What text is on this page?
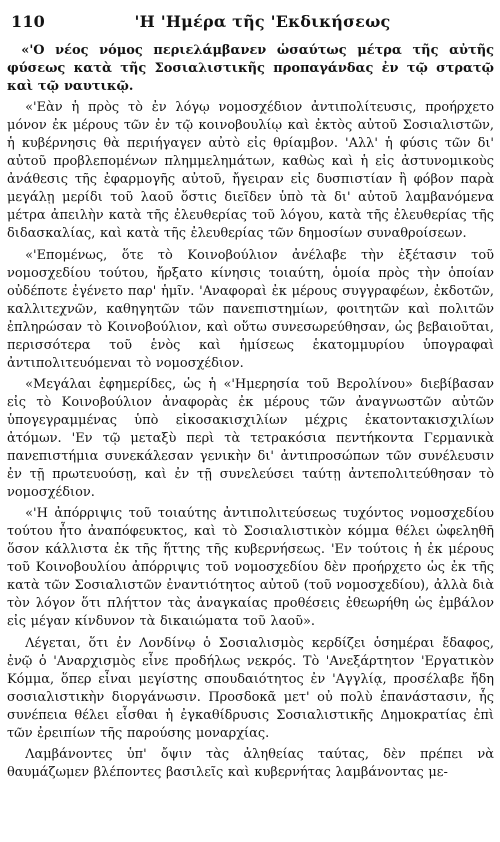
110	'Η 'Ημέρα τῆς 'Εκδικήσεως

«'Ο νέος νόμος περιελάμβανεν ὡσαύτως μέτρα τῆς αὐτῆς φύσεως κατὰ τῆς Σοσιαλιστικῆς προπαγάνδας ἐν τῷ στρατῷ καὶ τῷ ναυτικῷ.

«'Εὰν ἡ πρὸς τὸ ἐν λόγῳ νομοσχέδιον ἀντιπολίτευσις, προήρχετο μόνον ἐκ μέρους τῶν ἐν τῷ κοινοβουλίῳ καὶ ἐκτὸς αὐτοῦ Σοσιαλιστῶν, ἡ κυβέρνησις θὰ περιήγαγεν αὐτὸ εἰς θρίαμβον. 'Αλλ' ἡ φύσις τῶν δι' αὐτοῦ προβλεπομένων πλημμελημάτων, καθὼς καὶ ἡ εἰς ἀστυνομικοὺς ἀνάθεσις τῆς ἐφαρμογῆς αὐτοῦ, ἤγειραν εἰς δυσπιστίαν ἢ φόβον παρὰ μεγάλῃ μερίδι τοῦ λαοῦ ὅστις διεῖδεν ὑπὸ τὰ δι' αὐτοῦ λαμβανόμενα μέτρα ἀπειλὴν κατὰ τῆς ἐλευθερίας τοῦ λόγου, κατὰ τῆς ἐλευθερίας τῆς διδασκαλίας, καὶ κατὰ τῆς ἐλευθερίας τῶν δημοσίων συναθροίσεων.

«'Επομένως, ὅτε τὸ Κοινοβούλιον ἀνέλαβε τὴν ἐξέτασιν τοῦ νομοσχεδίου τούτου, ἤρξατο κίνησις τοιαύτη, ὁμοία πρὸς τὴν ὁποίαν οὐδέποτε ἐγένετο παρ' ἡμῖν. 'Αναφοραὶ ἐκ μέρους συγγραφέων, ἐκδοτῶν, καλλιτεχνῶν, καθηγητῶν τῶν πανεπιστημίων, φοιτητῶν καὶ πολιτῶν ἐπληρώσαν τὸ Κοινοβούλιον, καὶ οὕτω συνεσωρεύθησαν, ὡς βεβαιοῦται, περισσότερα τοῦ ἑνὸς καὶ ἡμίσεως ἑκατομμυρίου ὑπογραφαὶ ἀντιπολιτευόμεναι τὸ νομοσχέδιον.

«Μεγάλαι ἐφημερίδες, ὡς ἡ «'Ημερησία τοῦ Βερολίνου» διεβίβασαν εἰς τὸ Κοινοβούλιον ἀναφορὰς ἐκ μέρους τῶν ἀναγνωστῶν αὐτῶν ὑπογεγραμμένας ὑπὸ εἰκοσακισχιλίων μέχρις ἑκατοντακισχιλίων ἀτόμων. 'Εν τῷ μεταξὺ περὶ τὰ τετρακόσια πεντήκοντα Γερμανικὰ πανεπιστήμια συνεκάλεσαν γενικὴν δι' ἀντιπροσώπων τῶν συνέλευσιν ἐν τῇ πρωτευούσῃ, καὶ ἐν τῇ συνελεύσει ταύτῃ ἀντεπολιτεύθησαν τὸ νομοσχέδιον.

«'Η ἀπόρριψις τοῦ τοιαύτης ἀντιπολιτεύσεως τυχόντος νομοσχεδίου τούτου ἦτο ἀναπόφευκτος, καὶ τὸ Σοσιαλιστικὸν κόμμα θέλει ὠφεληθῆ ὅσον κάλλιστα ἐκ τῆς ἥττης τῆς κυβερνήσεως. 'Εν τούτοις ἡ ἐκ μέρους τοῦ Κοινοβουλίου ἀπόρριψις τοῦ νομοσχεδίου δὲν προήρχετο ὡς ἐκ τῆς κατὰ τῶν Σοσιαλιστῶν ἐναντιότητος αὐτοῦ (τοῦ νομοσχεδίου), ἀλλὰ διὰ τὸν λόγον ὅτι πλήττον τὰς ἀναγκαίας προθέσεις ἐθεωρήθη ὡς ἐμβάλον εἰς μέγαν κίνδυνον τὰ δικαιώματα τοῦ λαοῦ».

Λέγεται, ὅτι ἐν Λονδίνῳ ὁ Σοσιαλισμὸς κερδίζει ὁσημέραι ἔδαφος, ἐνῷ ὁ 'Αναρχισμὸς εἶνε προδήλως νεκρός. Τὸ 'Ανεξάρτητον 'Εργατικὸν Κόμμα, ὅπερ εἶναι μεγίστης σπουδαιότητος ἐν 'Αγγλίᾳ, προσέλαβε ἤδη σοσιαλιστικὴν διοργάνωσιν. Προσδοκᾶ μετ' οὐ πολὺ ἐπανάστασιν, ἧς συνέπεια θέλει εἶσθαι ἡ ἐγκαθίδρυσις Σοσιαλιστικῆς Δημοκρατίας ἐπὶ τῶν ἐρειπίων τῆς παρούσης μοναρχίας.

Λαμβάνοντες ὑπ' ὄψιν τὰς ἀληθείας ταύτας, δὲν πρέπει νὰ θαυμάζωμεν βλέποντες βασιλεῖς καὶ κυβερνήτας λαμβάνοντας με-
